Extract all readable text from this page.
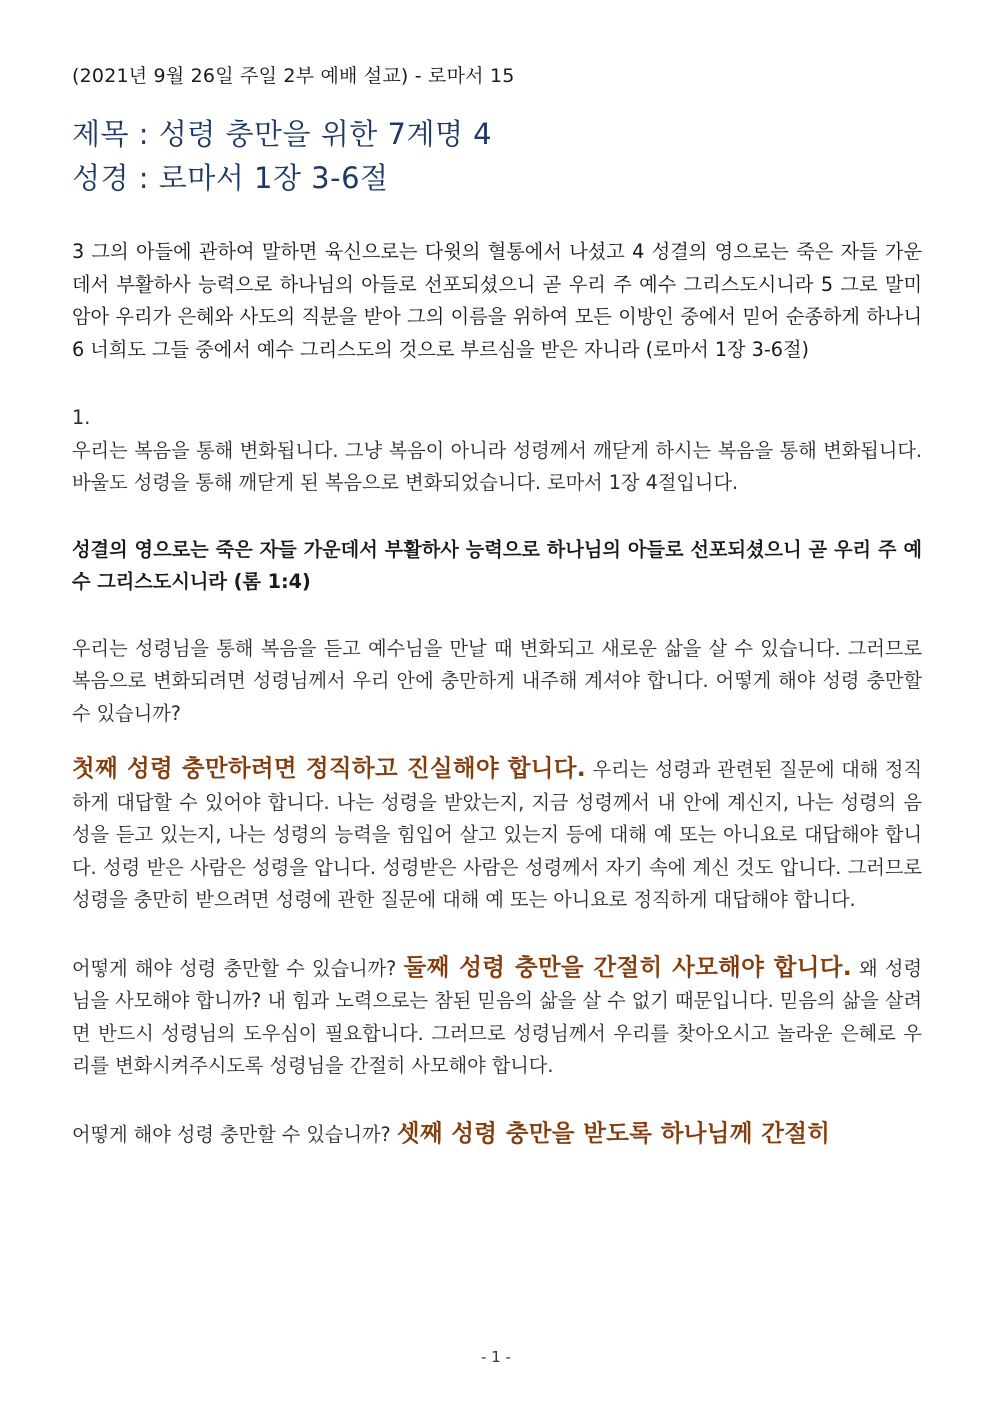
(2021년 9월 26일 주일 2부 예배 설교) - 로마서 15

제목 : 성령 충만을 위한 7계명 4

성경 : 로마서 1장 3-6절

3 그의 아들에 관하여 말하면 육신으로는 다윗의 혈통에서 나셨고 4 성결의 영으로는 죽은 자들 가운데서 부활하사 능력으로 하나님의 아들로 선포되셨으니 곧 우리 주 예수 그리스도시니라 5 그로 말미암아 우리가 은혜와 사도의 직분을 받아 그의 이름을 위하여 모든 이방인 중에서 믿어 순종하게 하나니 6 너희도 그들 중에서 예수 그리스도의 것으로 부르심을 받은 자니라 (로마서 1장 3-6절)

1.

우리는 복음을 통해 변화됩니다. 그냥 복음이 아니라 성령께서 깨닫게 하시는 복음을 통해 변화됩니다. 바울도 성령을 통해 깨닫게 된 복음으로 변화되었습니다. 로마서 1장 4절입니다.

성결의 영으로는 죽은 자들 가운데서 부활하사 능력으로 하나님의 아들로 선포되셨으니 곧 우리 주 예수 그리스도시니라 (롬 1:4)

우리는 성령님을 통해 복음을 듣고 예수님을 만날 때 변화되고 새로운 삶을 살 수 있습니다. 그러므로 복음으로 변화되려면 성령님께서 우리 안에 충만하게 내주해 계셔야 합니다. 어떻게 해야 성령 충만할 수 있습니까?

첫째 성령 충만하려면 정직하고 진실해야 합니다. 우리는 성령과 관련된 질문에 대해 정직하게 대답할 수 있어야 합니다. 나는 성령을 받았는지, 지금 성령께서 내 안에 계신지, 나는 성령의 음성을 듣고 있는지, 나는 성령의 능력을 힘입어 살고 있는지 등에 대해 예 또는 아니요로 대답해야 합니다. 성령 받은 사람은 성령을 압니다. 성령받은 사람은 성령께서 자기 속에 계신 것도 압니다. 그러므로 성령을 충만히 받으려면 성령에 관한 질문에 대해 예 또는 아니요로 정직하게 대답해야 합니다.

어떻게 해야 성령 충만할 수 있습니까? 둘째 성령 충만을 간절히 사모해야 합니다. 왜 성령님을 사모해야 합니까? 내 힘과 노력으로는 참된 믿음의 삶을 살 수 없기 때문입니다. 믿음의 삶을 살려면 반드시 성령님의 도우심이 필요합니다. 그러므로 성령님께서 우리를 찾아오시고 놀라운 은혜로 우리를 변화시켜주시도록 성령님을 간절히 사모해야 합니다.

어떻게 해야 성령 충만할 수 있습니까? 셋째 성령 충만을 받도록 하나님께 간절히

- 1 -
